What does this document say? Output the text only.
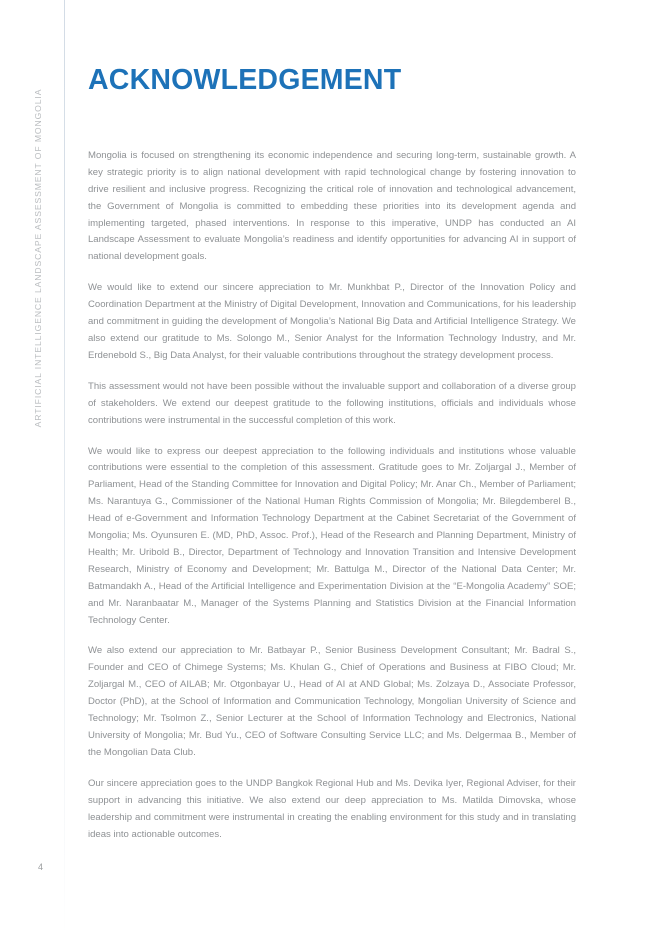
ARTIFICIAL INTELLIGENCE LANDSCAPE ASSESSMENT OF MONGOLIA
ACKNOWLEDGEMENT

Mongolia is focused on strengthening its economic independence and securing long-term, sustainable growth. A key strategic priority is to align national development with rapid technological change by fostering innovation to drive resilient and inclusive progress. Recognizing the critical role of innovation and technological advancement, the Government of Mongolia is committed to embedding these priorities into its development agenda and implementing targeted, phased interventions. In response to this imperative, UNDP has conducted an AI Landscape Assessment to evaluate Mongolia’s readiness and identify opportunities for advancing AI in support of national development goals.

We would like to extend our sincere appreciation to Mr. Munkhbat P., Director of the Innovation Policy and Coordination Department at the Ministry of Digital Development, Innovation and Communications, for his leadership and commitment in guiding the development of Mongolia’s National Big Data and Artificial Intelligence Strategy. We also extend our gratitude to Ms. Solongo M., Senior Analyst for the Information Technology Industry, and Mr. Erdenebold S., Big Data Analyst, for their valuable contributions throughout the strategy development process.

This assessment would not have been possible without the invaluable support and collaboration of a diverse group of stakeholders. We extend our deepest gratitude to the following institutions, officials and individuals whose contributions were instrumental in the successful completion of this work.

We would like to express our deepest appreciation to the following individuals and institutions whose valuable contributions were essential to the completion of this assessment. Gratitude goes to Mr. Zoljargal J., Member of Parliament, Head of the Standing Committee for Innovation and Digital Policy; Mr. Anar Ch., Member of Parliament; Ms. Narantuya G., Commissioner of the National Human Rights Commission of Mongolia; Mr. Bilegdemberel B., Head of e-Government and Information Technology Department at the Cabinet Secretariat of the Government of Mongolia; Ms. Oyunsuren E. (MD, PhD, Assoc. Prof.), Head of the Research and Planning Department, Ministry of Health; Mr. Uribold B., Director, Department of Technology and Innovation Transition and Intensive Development Research, Ministry of Economy and Development; Mr. Battulga M., Director of the National Data Center; Mr. Batmandakh A., Head of the Artificial Intelligence and Experimentation Division at the “E-Mongolia Academy” SOE; and Mr. Naranbaatar M., Manager of the Systems Planning and Statistics Division at the Financial Information Technology Center.

We also extend our appreciation to Mr. Batbayar P., Senior Business Development Consultant; Mr. Badral S., Founder and CEO of Chimege Systems; Ms. Khulan G., Chief of Operations and Business at FIBO Cloud; Mr. Zoljargal M., CEO of AILAB; Mr. Otgonbayar U., Head of AI at AND Global; Ms. Zolzaya D., Associate Professor, Doctor (PhD), at the School of Information and Communication Technology, Mongolian University of Science and Technology; Mr. Tsolmon Z., Senior Lecturer at the School of Information Technology and Electronics, National University of Mongolia; Mr. Bud Yu., CEO of Software Consulting Service LLC; and Ms. Delgermaa B., Member of the Mongolian Data Club.

Our sincere appreciation goes to the UNDP Bangkok Regional Hub and Ms. Devika Iyer, Regional Adviser, for their support in advancing this initiative. We also extend our deep appreciation to Ms. Matilda Dimovska, whose leadership and commitment were instrumental in creating the enabling environment for this study and in translating ideas into actionable outcomes.

4
